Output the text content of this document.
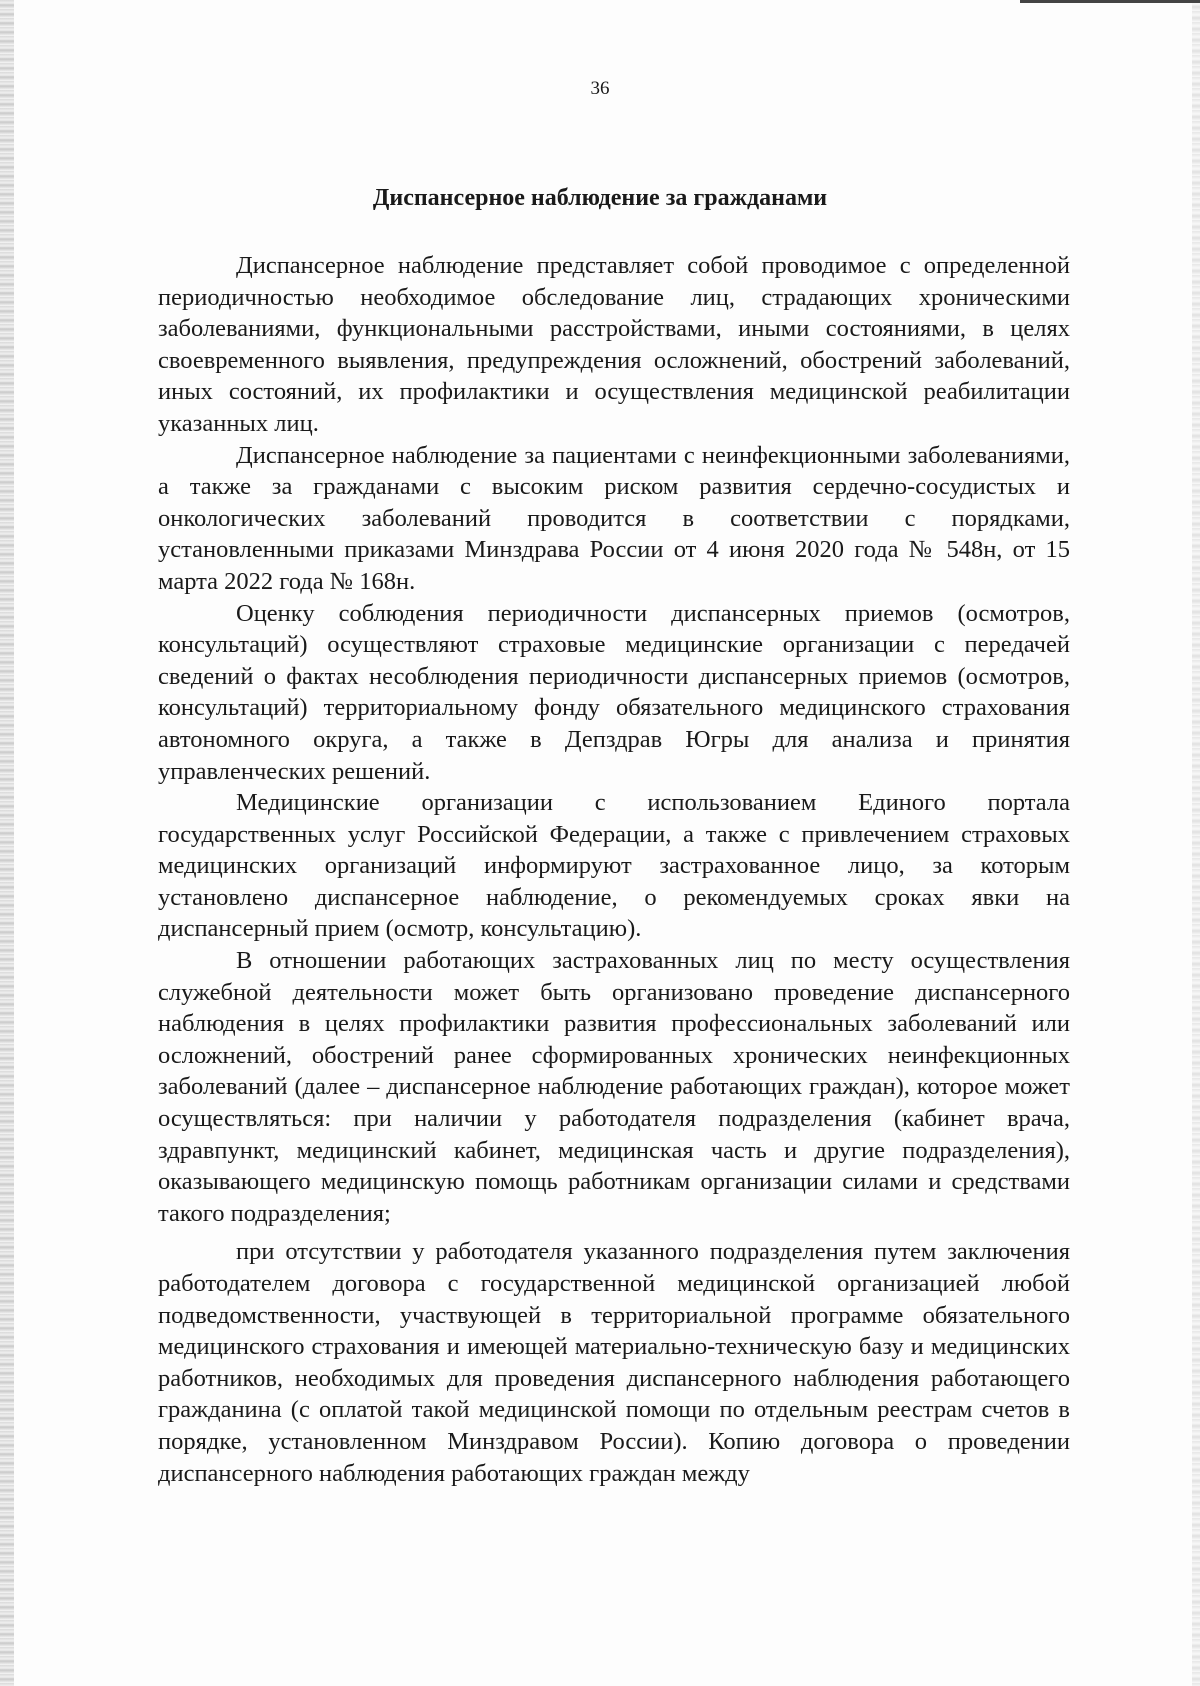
36
Диспансерное наблюдение за гражданами

Диспансерное наблюдение представляет собой проводимое с определенной периодичностью необходимое обследование лиц, страдающих хроническими заболеваниями, функциональными расстройствами, иными состояниями, в целях своевременного выявления, предупреждения осложнений, обострений заболеваний, иных состояний, их профилактики и осуществления медицинской реабилитации указанных лиц.

Диспансерное наблюдение за пациентами с неинфекционными заболеваниями, а также за гражданами с высоким риском развития сердечно-сосудистых и онкологических заболеваний проводится в соответствии с порядками, установленными приказами Минздрава России от 4 июня 2020 года № 548н, от 15 марта 2022 года № 168н.

Оценку соблюдения периодичности диспансерных приемов (осмотров, консультаций) осуществляют страховые медицинские организации с передачей сведений о фактах несоблюдения периодичности диспансерных приемов (осмотров, консультаций) территориальному фонду обязательного медицинского страхования автономного округа, а также в Депздрав Югры для анализа и принятия управленческих решений.

Медицинские организации с использованием Единого портала государственных услуг Российской Федерации, а также с привлечением страховых медицинских организаций информируют застрахованное лицо, за которым установлено диспансерное наблюдение, о рекомендуемых сроках явки на диспансерный прием (осмотр, консультацию).

В отношении работающих застрахованных лиц по месту осуществления служебной деятельности может быть организовано проведение диспансерного наблюдения в целях профилактики развития профессиональных заболеваний или осложнений, обострений ранее сформированных хронических неинфекционных заболеваний (далее – диспансерное наблюдение работающих граждан), которое может осуществляться: при наличии у работодателя подразделения (кабинет врача, здравпункт, медицинский кабинет, медицинская часть и другие подразделения), оказывающего медицинскую помощь работникам организации силами и средствами такого подразделения;

при отсутствии у работодателя указанного подразделения путем заключения работодателем договора с государственной медицинской организацией любой подведомственности, участвующей в территориальной программе обязательного медицинского страхования и имеющей материально-техническую базу и медицинских работников, необходимых для проведения диспансерного наблюдения работающего гражданина (с оплатой такой медицинской помощи по отдельным реестрам счетов в порядке, установленном Минздравом России). Копию договора о проведении диспансерного наблюдения работающих граждан между
